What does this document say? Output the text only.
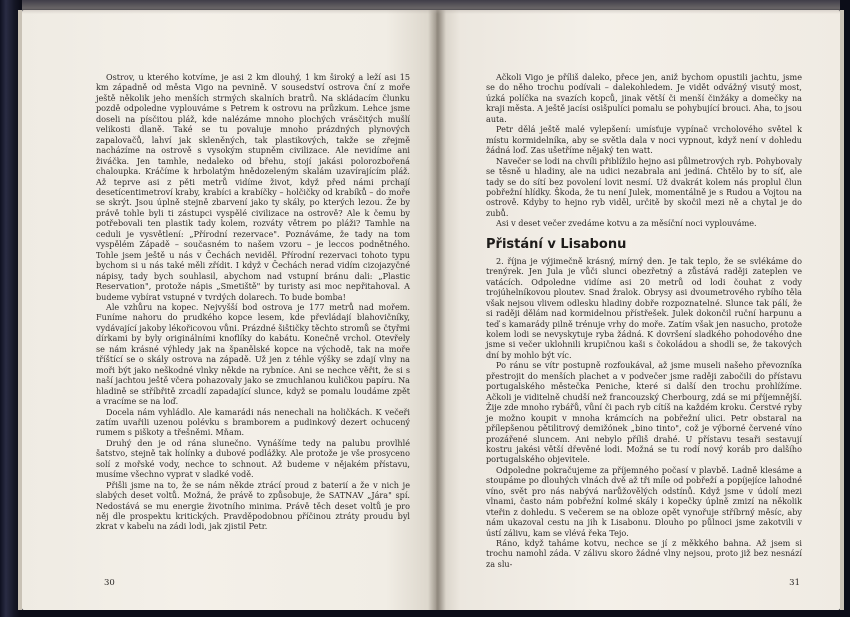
Ostrov, u kterého kotvíme, je asi 2 km dlouhý, 1 km široký a leží asi 15 km západně od města Vigo na pevnině. V sousedství ostrova ční z moře ještě několik jeho menších strmých skalních bratrů. Na skládacím člunku pozdě odpoledne vyplouváme s Petrem k ostrovu na průzkum. Lehce jsme doseli na písčitou pláž, kde nalézáme mnoho plochých vrásčitých mušlí velikosti dlaně. Také se tu povaluje mnoho prázdných plynových zapalovačů, lahví jak skleněných, tak plastikových, takže se zřejmě nacházíme na ostrově s vysokým stupněm civilizace. Ale nevidíme ani živáčka. Jen tamhle, nedaleko od břehu, stojí jakási polorozbořená chaloupka. Kráčíme k hrbolatým hnědozeleným skalám uzavírajícím pláž. Až teprve asi z pěti metrů vidíme život, když před námi prchají desetícentimetroví kraby, krabíci a krabíčky – holčičky od krabíků – do moře se skrýt. Jsou úplně stejně zbarvení jako ty skály, po kterých lezou. Že by právě tohle byli ti zástupci vyspělé civilizace na ostrově? Ale k čemu by potřebovali ten plastik tady kolem, rozváty větrem po pláži? Tamhle na ceduli je vysvětlení: „Přírodní rezervace". Poznáváme, že tady na tom vyspělém Západě – současném to našem vzoru – je leccos podnětného. Tohle jsem ještě u nás v Čechách neviděl. Přírodní rezervaci tohoto typu bychom si u nás také měli zřídit. I když v Čechách nerad vidím cizojazyčné nápisy, tady bych souhlasil, abychom nad vstupní bránu dali: „Plastic Reservation", protože nápis „Smetiště" by turisty asi moc nepřitahoval. A budeme vybírat vstupné v tvrdých dolarech. To bude bomba!

Ale vzhůru na kopec. Nejvyšší bod ostrova je 177 metrů nad mořem. Funíme nahoru do prudkého kopce lesem, kde převládají blahovičníky, vydávající jakoby lékořicovou vůni. Prázdné šištičky těchto stromů se čtyřmi dírkami by byly originálními knoflíky do kabátu. Konečně vrchol. Otevřely se nám krásné výhledy jak na španělské kopce na východě, tak na moře tříštící se o skály ostrova na západě. Už jen z téhle výšky se zdají vlny na moři být jako neškodné vlnky někde na rybníce. Ani se nechce věřit, že si s naší jachtou ještě včera pohazovaly jako se zmuchlanou kuličkou papíru. Na hladině se stříbřitě zrcadlí zapadající slunce, když se pomalu loudáme zpět a vracíme se na loď.

Docela nám vyhládlo. Ale kamarádi nás nenechali na holičkách. K večeři zatím uvařili uzenou polévku s bramborem a pudinkový dezert ochucený rumem s piškoty a třešněmi. Mňam.

Druhý den je od rána slunečno. Vynášíme tedy na palubu provlhlé šatstvo, stejně tak holínky a dubové podlážky. Ale protože je vše prosyceno solí z mořské vody, nechce to schnout. Až budeme v nějakém přístavu, musíme všechno vyprat v sladké vodě.

Přišli jsme na to, že se nám někde ztrácí proud z baterií a že v nich je slabých deset voltů. Možná, že právě to způsobuje, že SATNAV „Jára" spí. Nedostává se mu energie životního minima. Právě těch deset voltů je pro něj dle prospektu kritických. Pravděpodobnou příčinou ztráty proudu byl zkrat v kabelu na zádi lodi, jak zjistil Petr.

30

Ačkoli Vigo je příliš daleko, přece jen, aniž bychom opustili jachtu, jsme se do něho trochu podívali – dalekohledem. Je vidět odvážný visutý most, úzká políčka na svazích kopců, jinak větší či menší činžáky a domečky na kraji města. A ještě jacísi osišpulíci pomalu se pohybující brouci. Aha, to jsou auta.

Petr dělá ještě malé vylepšení: umísťuje vypínač vrcholového světel k místu kormidelníka, aby se světla dala v noci vypnout, když není v dohledu žádná loď. Zas ušetříme nějaký ten watt.

Navečer se lodi na chvíli přiblížilo hejno asi půlmetrových ryb. Pohybovaly se těsně u hladiny, ale na udici nezabrala ani jediná. Chtělo by to síť, ale tady se do sítí bez povolení lovit nesmí. Už dvakrát kolem nás proplul člun pobřežní hlídky. Škoda, že tu není Julek, momentálně je s Rudou a Vojtou na ostrově. Kdyby to hejno ryb viděl, určitě by skočil mezi ně a chytal je do zubů.

Asi v deset večer zvedáme kotvu a za měsíční noci vyplouváme.

Přistání v Lisabonu

2. října je výjimečně krásný, mírný den. Je tak teplo, že se svlékáme do trenýrek. Jen Jula je vůči slunci obezřetný a zůstává raději zateplen ve vatácích. Odpoledne vidíme asi 20 metrů od lodi čouhat z vody trojúhelníkovou ploutev. Snad žralok. Obrysy asi dvoumetrového rybího těla však nejsou vlivem odlesku hladiny dobře rozpoznatelné. Slunce tak pálí, že si raději dělám nad kormidelnou přístřešek. Julek dokončil ruční harpunu a teď s kamarády pilně trénuje vrhy do moře. Zatím však jen nasucho, protože kolem lodi se nevyskytuje ryba žádná. K dovršení sladkého pohodového dne jsme si večer uklohnili krupičnou kaši s čokoládou a shodli se, že takových dní by mohlo být víc.

Po ránu se vítr postupně rozfoukával, až jsme museli našeho převozníka přestrojit do menších plachet a v podvečer jsme raději zabočili do přístavu portugalského městečka Peniche, které si další den trochu prohlížíme. Ačkoli je viditelně chudší než francouzský Cherbourg, zdá se mi příjemnější. Žije zde mnoho rybářů, vůní či pach ryb cítíš na každém kroku. Čerstvé ryby je možno koupit v mnoha krámcích na pobřežní ulici. Petr obstaral na přílepšenou pětilitrový demižónek „bino tinto", což je výborné červené víno prozářené sluncem. Ani nebylo příliš drahé. U přístavu tesaři sestavují kostru jakési větší dřevěné lodi. Možná se tu rodí nový koráb pro dalšího portugalského objevitele.

Odpoledne pokračujeme za příjemného počasí v plavbě. Ladně klesáme a stoupáme po dlouhých vlnách dvě až tři míle od pobřeží a popíjejíce lahodné víno, svět pro nás nabývá narůžovělých odstínů. Když jsme v údolí mezi vlnami, často nám pobřežní kolmé skály i kopečky úplně zmizí na několik vteřin z dohledu. S večerem se na obloze opět vynořuje stříbrný měsíc, aby nám ukazoval cestu na jih k Lisabonu. Dlouho po půlnoci jsme zakotvili v ústí zálivu, kam se vlévá řeka Tejo.

Ráno, když taháme kotvu, nechce se jí z měkkého bahna. Až jsem si trochu namohl záda. V zálivu skoro žádné vlny nejsou, proto již bez nesnází za slu-

31
